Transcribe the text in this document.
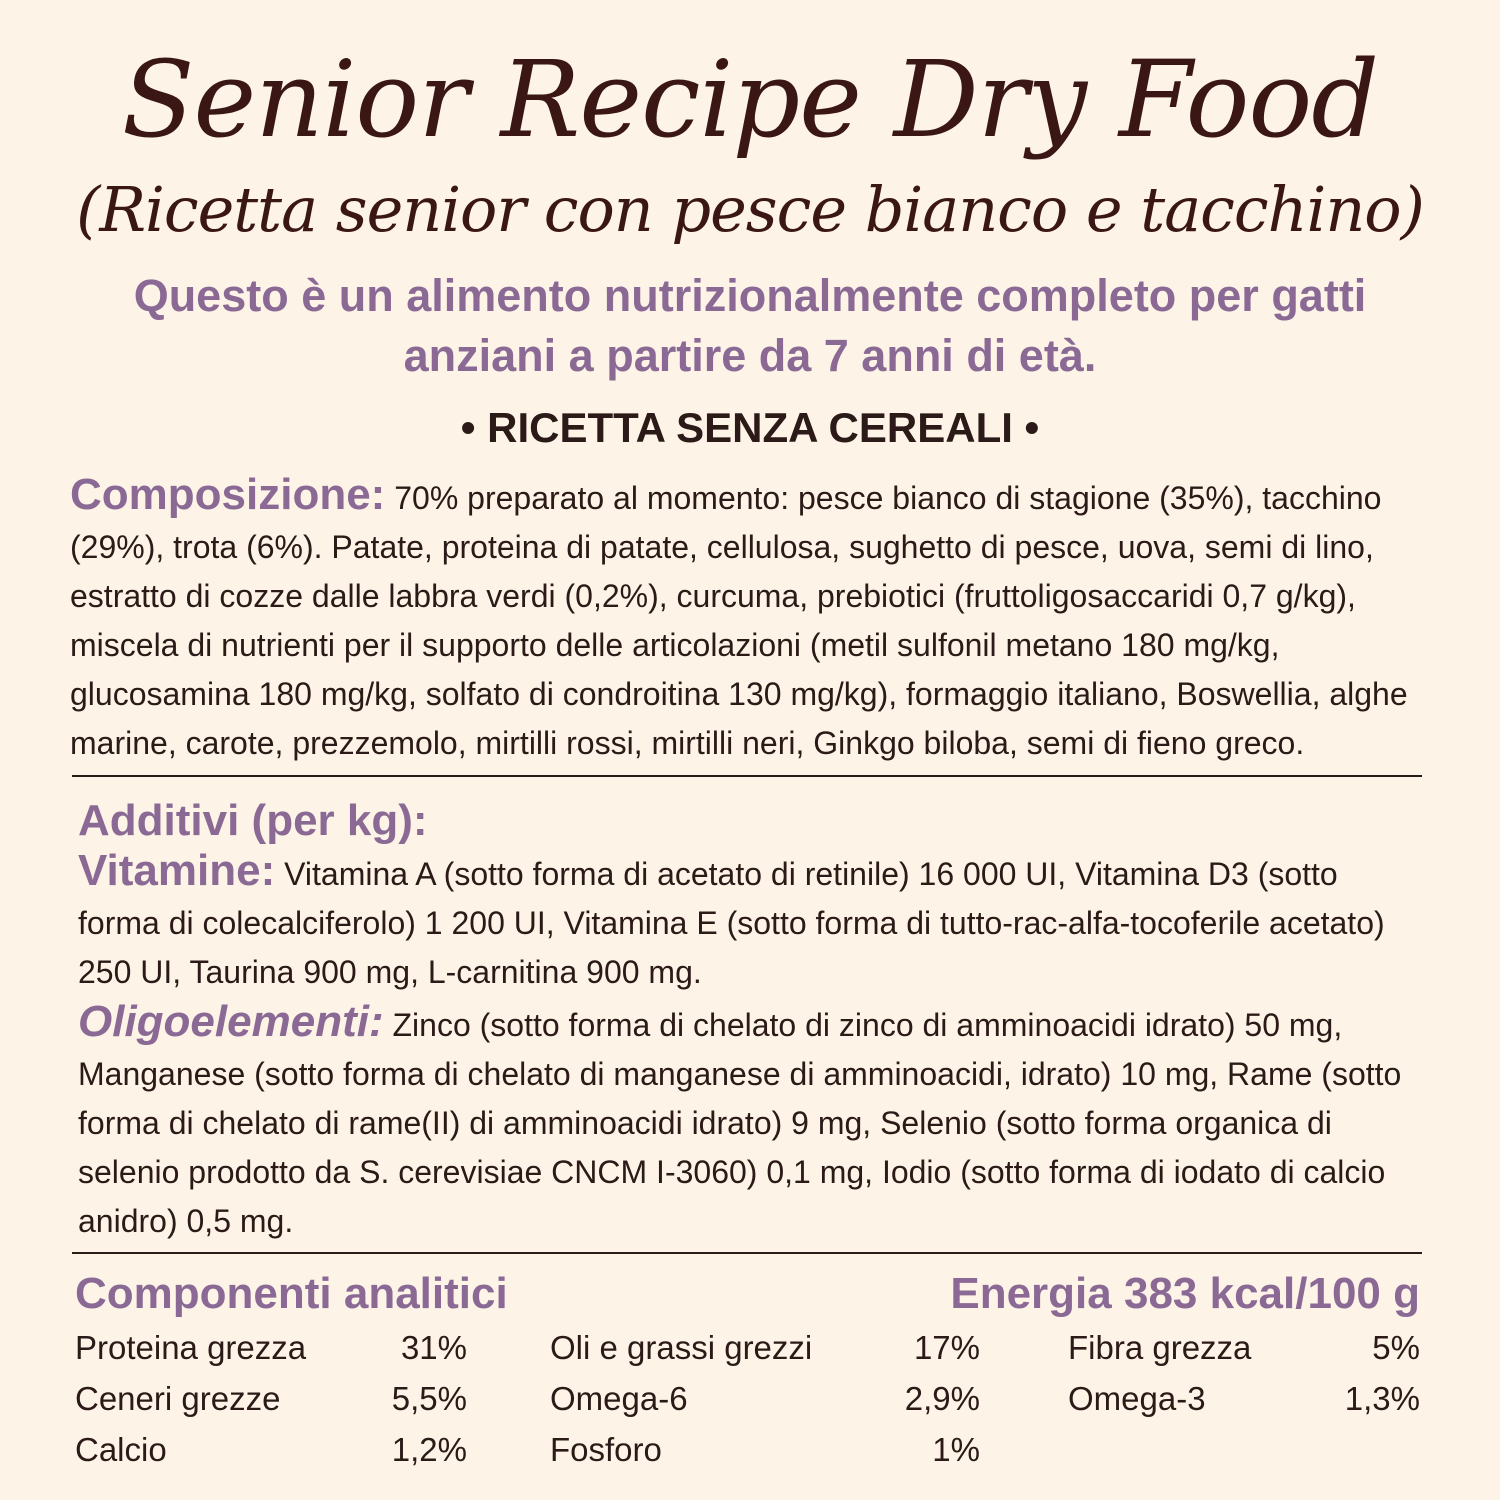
Senior Recipe Dry Food
(Ricetta senior con pesce bianco e tacchino)
Questo è un alimento nutrizionalmente completo per gatti anziani a partire da 7 anni di età.
• RICETTA SENZA CEREALI •
Composizione: 70% preparato al momento: pesce bianco di stagione (35%), tacchino (29%), trota (6%). Patate, proteina di patate, cellulosa, sughetto di pesce, uova, semi di lino, estratto di cozze dalle labbra verdi (0,2%), curcuma, prebiotici (fruttoligosaccaridi 0,7 g/kg), miscela di nutrienti per il supporto delle articolazioni (metil sulfonil metano 180 mg/kg, glucosamina 180 mg/kg, solfato di condroitina 130 mg/kg), formaggio italiano, Boswellia, alghe marine, carote, prezzemolo, mirtilli rossi, mirtilli neri, Ginkgo biloba, semi di fieno greco.
Additivi (per kg):
Vitamine: Vitamina A (sotto forma di acetato di retinile) 16 000 UI, Vitamina D3 (sotto forma di colecalciferolo) 1 200 UI, Vitamina E (sotto forma di tutto-rac-alfa-tocoferile acetato) 250 UI, Taurina 900 mg, L-carnitina 900 mg.
Oligoelementi: Zinco (sotto forma di chelato di zinco di amminoacidi idrato) 50 mg, Manganese (sotto forma di chelato di manganese di amminoacidi, idrato) 10 mg, Rame (sotto forma di chelato di rame(II) di amminoacidi idrato) 9 mg, Selenio (sotto forma organica di selenio prodotto da S. cerevisiae CNCM I-3060) 0,1 mg, Iodio (sotto forma di iodato di calcio anidro) 0,5 mg.
Componenti analitici	Energia 383 kcal/100 g
Proteina grezza	31%	Oli e grassi grezzi	17%	Fibra grezza	5%
Ceneri grezze	5,5%	Omega-6	2,9%	Omega-3	1,3%
Calcio	1,2%	Fosforo	1%
